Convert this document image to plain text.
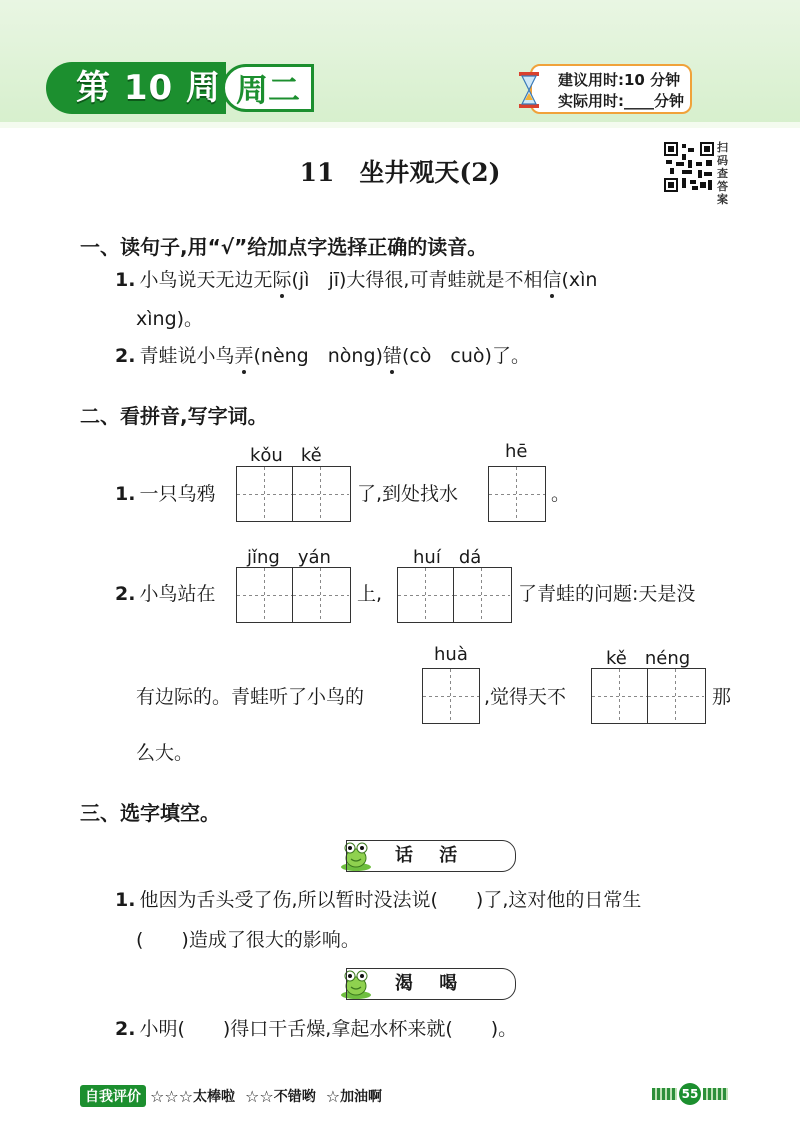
第 10 周 周二	建议用时:10 分钟
实际用时:____分钟
扫码查答案
11　坐井观天(2)
一、读句子,用“√”给加点字选择正确的读音。
1. 小鸟说天无边无际(jì　jī)大得很,可青蛙就是不相信(xìn
xìng)。
2. 青蛙说小鸟弄(nèng　nòng)错(cò　cuò)了。
二、看拼音,写字词。
kǒu　kě	hē
1. 一只乌鸦	了,到处找水	。
jǐng　yán	huí　dá
2. 小鸟站在	上,	了青蛙的问题:天是没
huà	kě　néng
有边际的。青蛙听了小鸟的	,觉得天不	那
么大。
三、选字填空。
话 活
1. 他因为舌头受了伤,所以暂时没法说(　　)了,这对他的日常生
(　　)造成了很大的影响。
渴 喝
2. 小明(　　)得口干舌燥,拿起水杯来就(　　)。
自我评价 ☆☆☆ 太棒啦 ☆☆ 不错哟 ☆ 加油啊	55
